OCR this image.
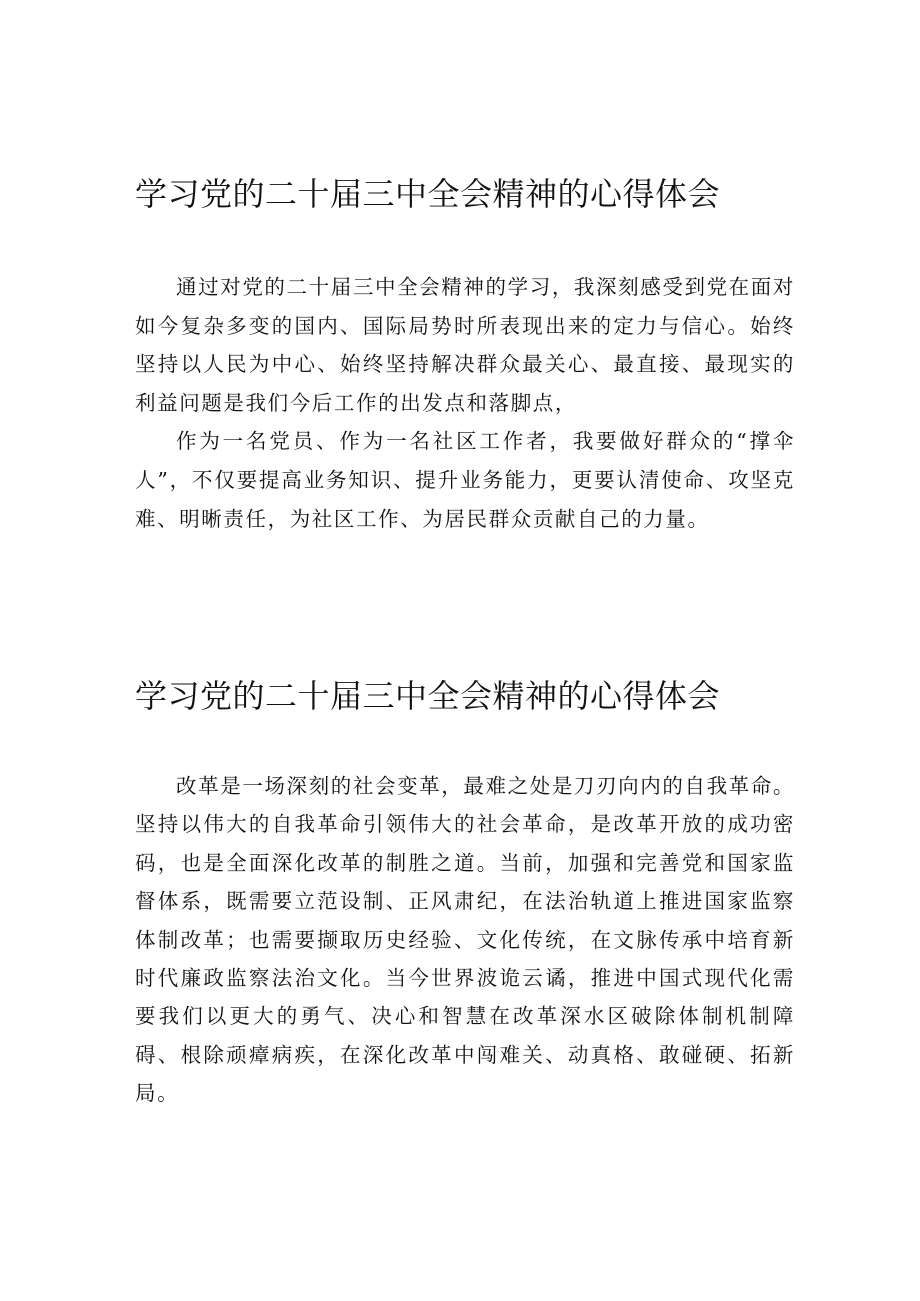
学习党的二十届三中全会精神的心得体会

通过对党的二十届三中全会精神的学习，我深刻感受到党在面对如今复杂多变的国内、国际局势时所表现出来的定力与信心。始终坚持以人民为中心、始终坚持解决群众最关心、最直接、最现实的利益问题是我们今后工作的出发点和落脚点，

作为一名党员、作为一名社区工作者，我要做好群众的“撑伞人”，不仅要提高业务知识、提升业务能力，更要认清使命、攻坚克难、明晰责任，为社区工作、为居民群众贡献自己的力量。

学习党的二十届三中全会精神的心得体会

改革是一场深刻的社会变革，最难之处是刀刃向内的自我革命。坚持以伟大的自我革命引领伟大的社会革命，是改革开放的成功密码，也是全面深化改革的制胜之道。当前，加强和完善党和国家监督体系，既需要立范设制、正风肃纪，在法治轨道上推进国家监察体制改革；也需要撷取历史经验、文化传统，在文脉传承中培育新时代廉政监察法治文化。当今世界波诡云谲，推进中国式现代化需要我们以更大的勇气、决心和智慧在改革深水区破除体制机制障碍、根除顽瘴病疾，在深化改革中闯难关、动真格、敢碰硬、拓新局。
